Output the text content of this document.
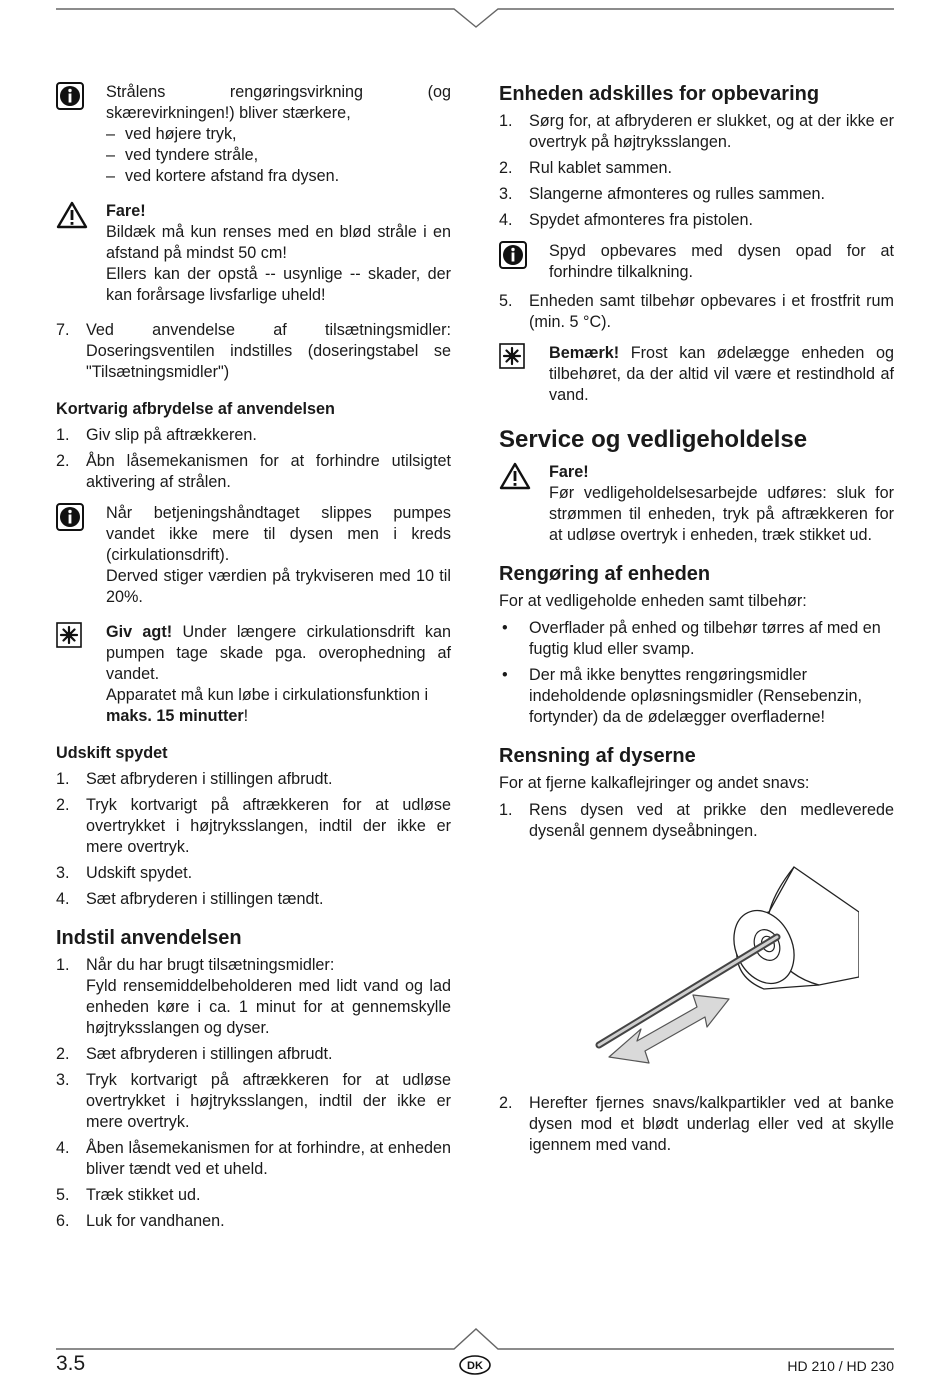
Strålens rengøringsvirkning (og skærevirkningen!) bliver stærkere,

– ved højere tryk,
– ved tyndere stråle,
– ved kortere afstand fra dysen.

Fare!

Bildæk må kun renses med en blød stråle i en afstand på mindst 50 cm!

Ellers kan der opstå -- usynlige -- skader, der kan forårsage livsfarlige uheld!

7. Ved anvendelse af tilsætningsmidler: Doseringsventilen indstilles (doseringstabel se "Tilsætningsmidler")

Kortvarig afbrydelse af anvendelsen

1. Giv slip på aftrækkeren.
2. Åbn låsemekanismen for at forhindre utilsigtet aktivering af strålen.

Når betjeningshåndtaget slippes pumpes vandet ikke mere til dysen men i kreds (cirkulationsdrift).

Derved stiger værdien på trykviseren med 10 til 20%.

Giv agt! Under længere cirkulationsdrift kan pumpen tage skade pga. overophedning af vandet.

Apparatet må kun løbe i cirkulationsfunktion i maks. 15 minutter!

Udskift spydet

1. Sæt afbryderen i stillingen afbrudt.
2. Tryk kortvarigt på aftrækkeren for at udløse overtrykket i højtryksslangen, indtil der ikke er mere overtryk.
3. Udskift spydet.
4. Sæt afbryderen i stillingen tændt.

Indstil anvendelsen

1. Når du har brugt tilsætningsmidler:

Fyld rensemiddelbeholderen med lidt vand og lad enheden køre i ca. 1 minut for at gennemskylle højtryksslangen og dyser.

2. Sæt afbryderen i stillingen afbrudt.
3. Tryk kortvarigt på aftrækkeren for at udløse overtrykket i højtryksslangen, indtil der ikke er mere overtryk.
4. Åben låsemekanismen for at forhindre, at enheden bliver tændt ved et uheld.
5. Træk stikket ud.
6. Luk for vandhanen.

Enheden adskilles for opbevaring

1. Sørg for, at afbryderen er slukket, og at der ikke er overtryk på højtryksslangen.
2. Rul kablet sammen.
3. Slangerne afmonteres og rulles sammen.
4. Spydet afmonteres fra pistolen.

Spyd opbevares med dysen opad for at forhindre tilkalkning.

5. Enheden samt tilbehør opbevares i et frostfrit rum (min. 5 °C).

Bemærk! Frost kan ødelægge enheden og tilbehøret, da der altid vil være et restindhold af vand.

Service og vedligeholdelse

Fare!

Før vedligeholdelsesarbejde udføres: sluk for strømmen til enheden, tryk på aftrækkeren for at udløse overtryk i enheden, træk stikket ud.

Rengøring af enheden

For at vedligeholde enheden samt tilbehør:

• Overflader på enhed og tilbehør tørres af med en fugtig klud eller svamp.
• Der må ikke benyttes rengøringsmidler indeholdende opløsningsmidler (Rensebenzin, fortynder) da de ødelægger overfladerne!

Rensning af dyserne

For at fjerne kalkaflejringer og andet snavs:

1. Rens dysen ved at prikke den medleverede dysenål gennem dyseåbningen.
2. Herefter fjernes snavs/kalkpartikler ved at banke dysen mod et blødt underlag eller ved at skylle igennem med vand.
3.5	DK	HD 210 / HD 230
